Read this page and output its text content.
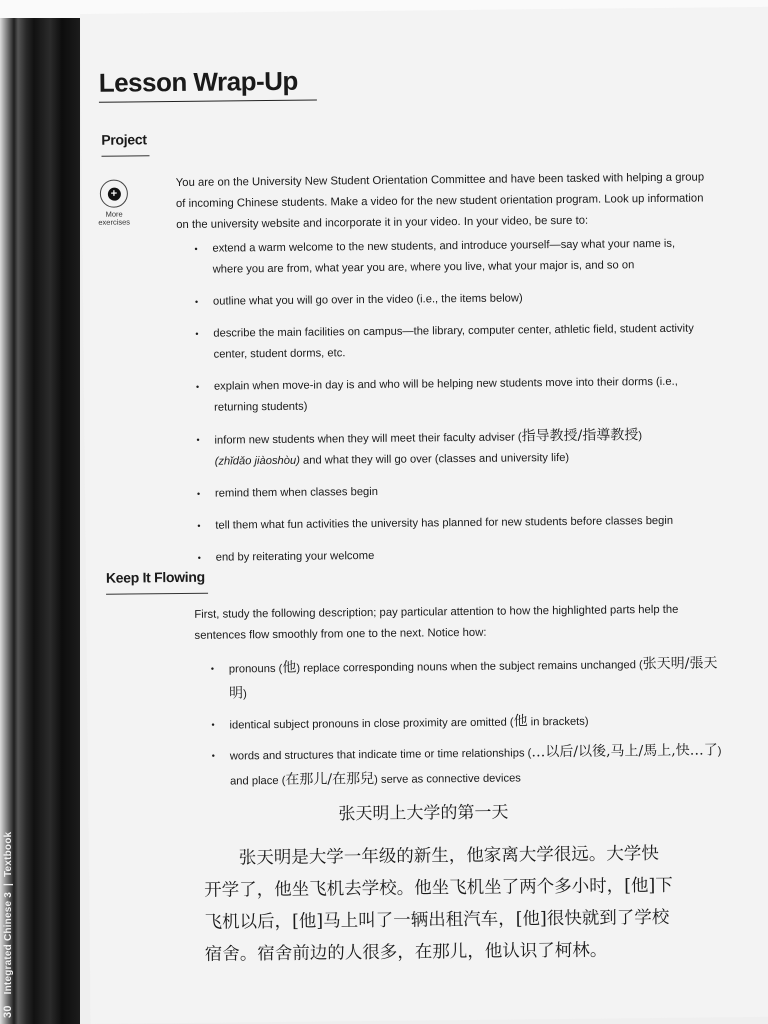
30 Integrated Chinese 3|Textbook
Lesson Wrap-Up
Project
+
More exercises

You are on the University New Student Orientation Committee and have been tasked with helping a group of incoming Chinese students. Make a video for the new student orientation program. Look up information on the university website and incorporate it in your video. In your video, be sure to:

• extend a warm welcome to the new students, and introduce yourself—say what your name is, where you are from, what year you are, where you live, what your major is, and so on
• outline what you will go over in the video (i.e., the items below)
• describe the main facilities on campus—the library, computer center, athletic field, student activity center, student dorms, etc.
• explain when move-in day is and who will be helping new students move into their dorms (i.e., returning students)
• inform new students when they will meet their faculty adviser (指导教授/指導教授)
(zhǐdǎo jiàoshòu) and what they will go over (classes and university life)
• remind them when classes begin
• tell them what fun activities the university has planned for new students before classes begin
• end by reiterating your welcome
Keep It Flowing

First, study the following description; pay particular attention to how the highlighted parts help the sentences flow smoothly from one to the next. Notice how:

• pronouns (他) replace corresponding nouns when the subject remains unchanged (张天明/張天明)
• identical subject pronouns in close proximity are omitted (他 in brackets)
• words and structures that indicate time or time relationships (…以后/以後,马上/馬上,快…了) and place (在那儿/在那兒) serve as connective devices
张天明上大学的第一天
　　张天明是大学一年级的新生，他家离大学很远。大学快开学了，他坐飞机去学校。他坐飞机坐了两个多小时，[他]下飞机以后，[他]马上叫了一辆出租汽车，[他]很快就到了学校宿舍。宿舍前边的人很多，在那儿，他认识了柯林。
